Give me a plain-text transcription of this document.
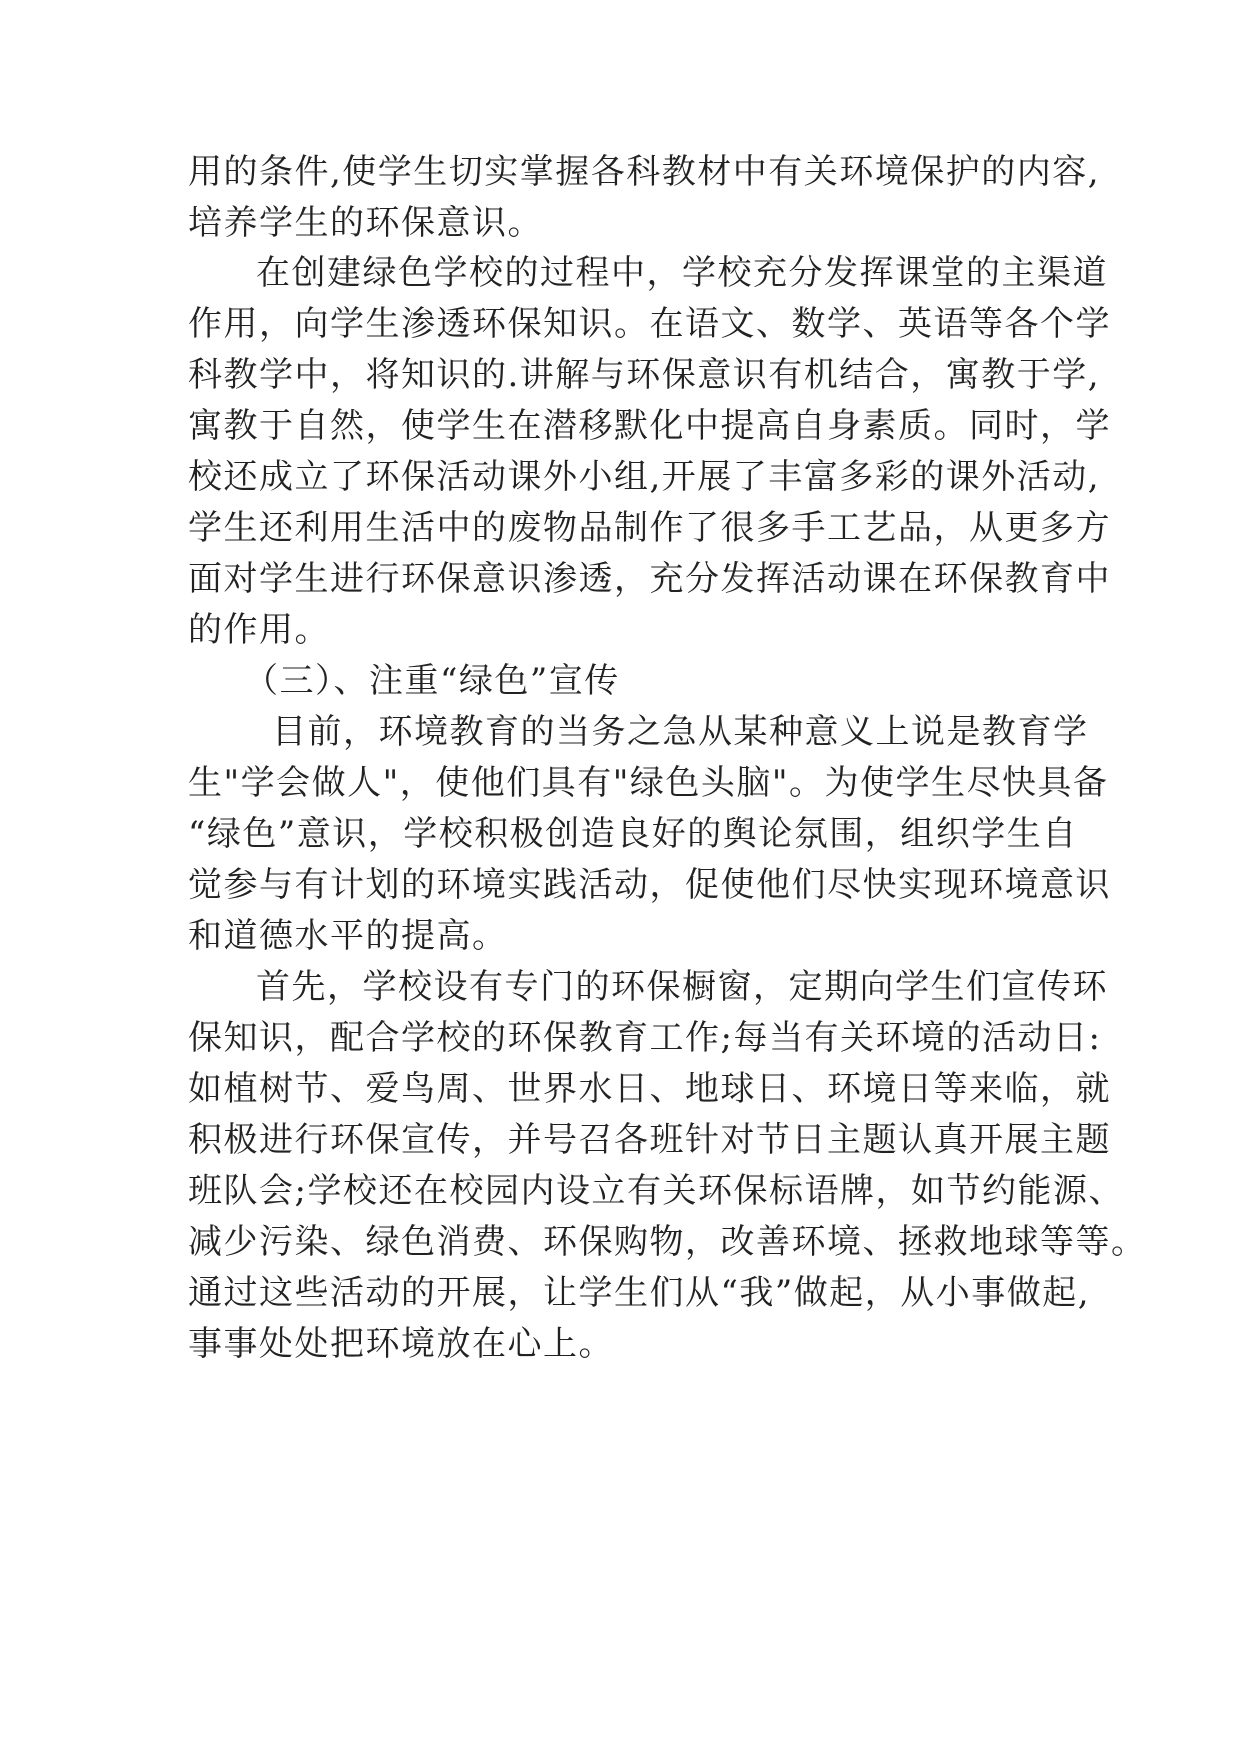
用的条件,使学生切实掌握各科教材中有关环境保护的内容,
培养学生的环保意识。
在创建绿色学校的过程中，学校充分发挥课堂的主渠道
作用，向学生渗透环保知识。在语文、数学、英语等各个学
科教学中，将知识的.讲解与环保意识有机结合，寓教于学,
寓教于自然，使学生在潜移默化中提高自身素质。同时，学
校还成立了环保活动课外小组,开展了丰富多彩的课外活动,
学生还利用生活中的废物品制作了很多手工艺品，从更多方
面对学生进行环保意识渗透，充分发挥活动课在环保教育中
的作用。
（三）、注重“绿色”宣传
目前，环境教育的当务之急从某种意义上说是教育学
生"学会做人"，使他们具有"绿色头脑"。为使学生尽快具备
“绿色”意识，学校积极创造良好的舆论氛围，组织学生自
觉参与有计划的环境实践活动，促使他们尽快实现环境意识
和道德水平的提高。
首先，学校设有专门的环保橱窗，定期向学生们宣传环
保知识，配合学校的环保教育工作;每当有关环境的活动日:
如植树节、爱鸟周、世界水日、地球日、环境日等来临，就
积极进行环保宣传，并号召各班针对节日主题认真开展主题
班队会;学校还在校园内设立有关环保标语牌，如节约能源、
减少污染、绿色消费、环保购物，改善环境、拯救地球等等。
通过这些活动的开展，让学生们从“我”做起，从小事做起,
事事处处把环境放在心上。
